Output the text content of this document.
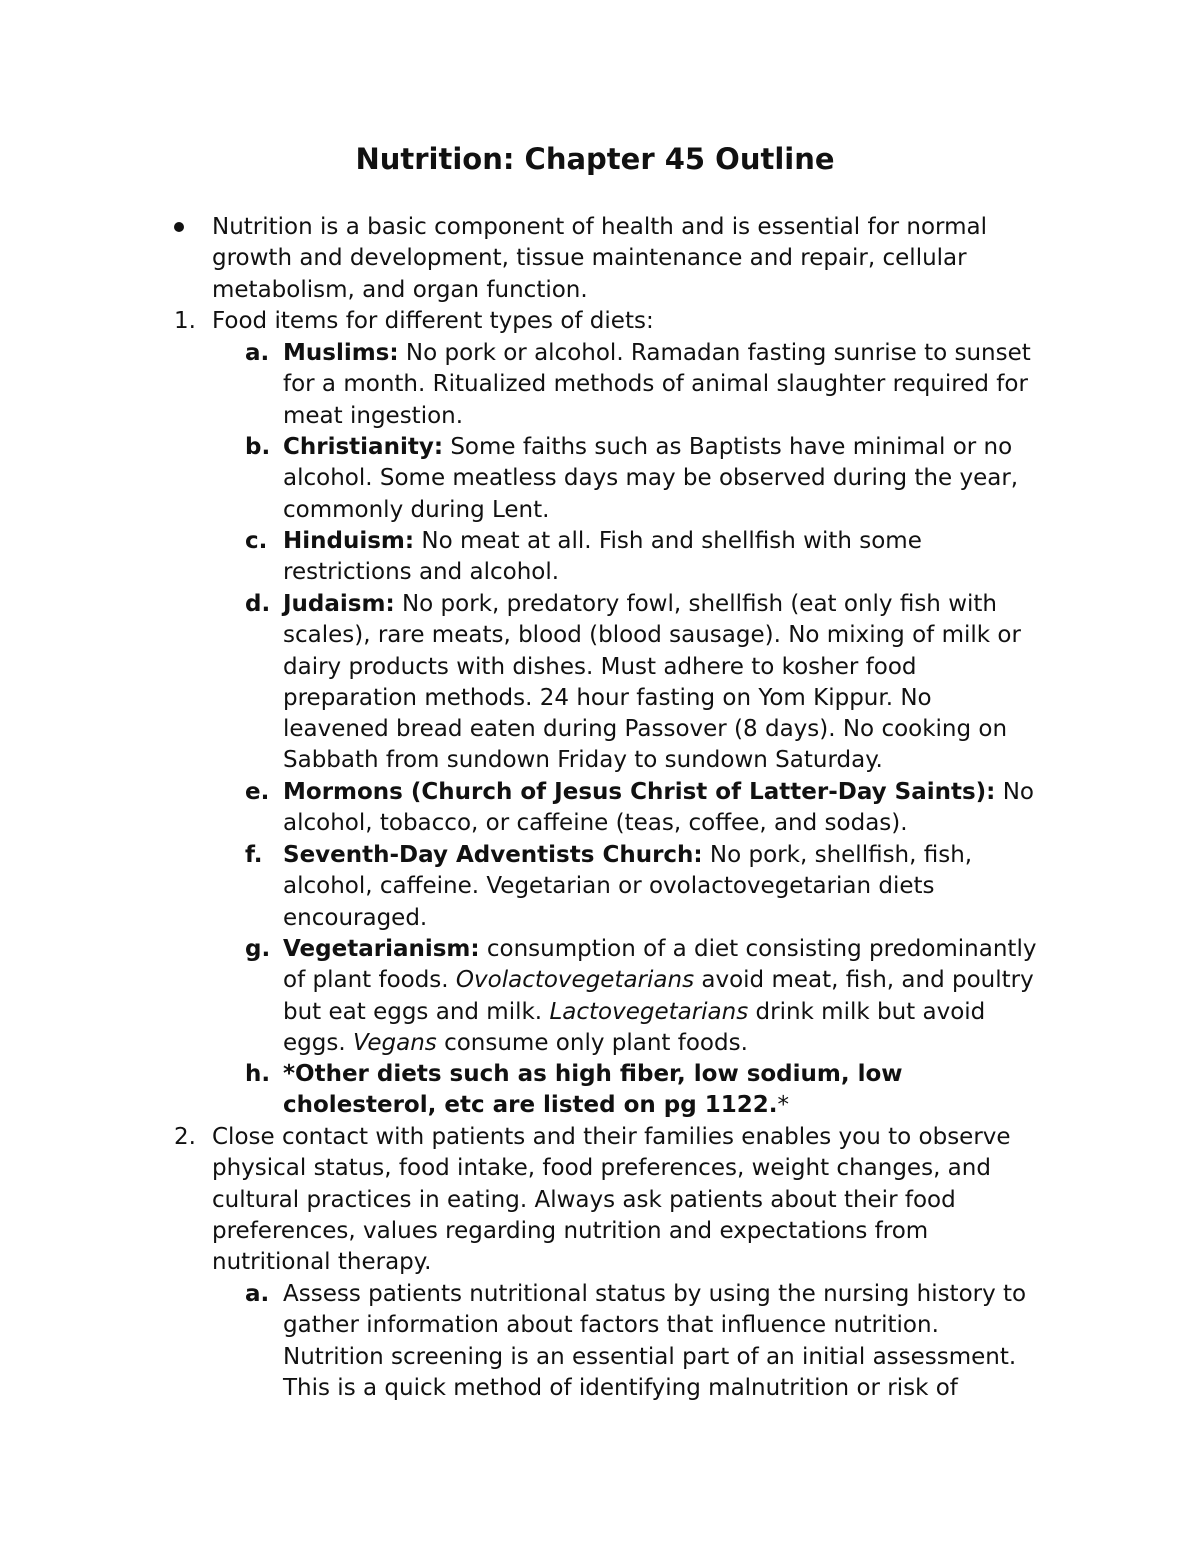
Nutrition: Chapter 45 Outline
Nutrition is a basic component of health and is essential for normal
growth and development, tissue maintenance and repair, cellular
metabolism, and organ function.
1. Food items for different types of diets:
a. Muslims: No pork or alcohol. Ramadan fasting sunrise to sunset
for a month. Ritualized methods of animal slaughter required for
meat ingestion.
b. Christianity: Some faiths such as Baptists have minimal or no
alcohol. Some meatless days may be observed during the year,
commonly during Lent.
c. Hinduism: No meat at all. Fish and shellfish with some
restrictions and alcohol.
d. Judaism: No pork, predatory fowl, shellfish (eat only fish with
scales), rare meats, blood (blood sausage). No mixing of milk or
dairy products with dishes. Must adhere to kosher food
preparation methods. 24 hour fasting on Yom Kippur. No
leavened bread eaten during Passover (8 days). No cooking on
Sabbath from sundown Friday to sundown Saturday.
e. Mormons (Church of Jesus Christ of Latter-Day Saints): No
alcohol, tobacco, or caffeine (teas, coffee, and sodas).
f. Seventh-Day Adventists Church: No pork, shellfish, fish,
alcohol, caffeine. Vegetarian or ovolactovegetarian diets
encouraged.
g. Vegetarianism: consumption of a diet consisting predominantly
of plant foods. Ovolactovegetarians avoid meat, fish, and poultry
but eat eggs and milk. Lactovegetarians drink milk but avoid
eggs. Vegans consume only plant foods.
h. *Other diets such as high fiber, low sodium, low
cholesterol, etc are listed on pg 1122.*
2. Close contact with patients and their families enables you to observe
physical status, food intake, food preferences, weight changes, and
cultural practices in eating. Always ask patients about their food
preferences, values regarding nutrition and expectations from
nutritional therapy.
a. Assess patients nutritional status by using the nursing history to
gather information about factors that influence nutrition.
Nutrition screening is an essential part of an initial assessment.
This is a quick method of identifying malnutrition or risk of
